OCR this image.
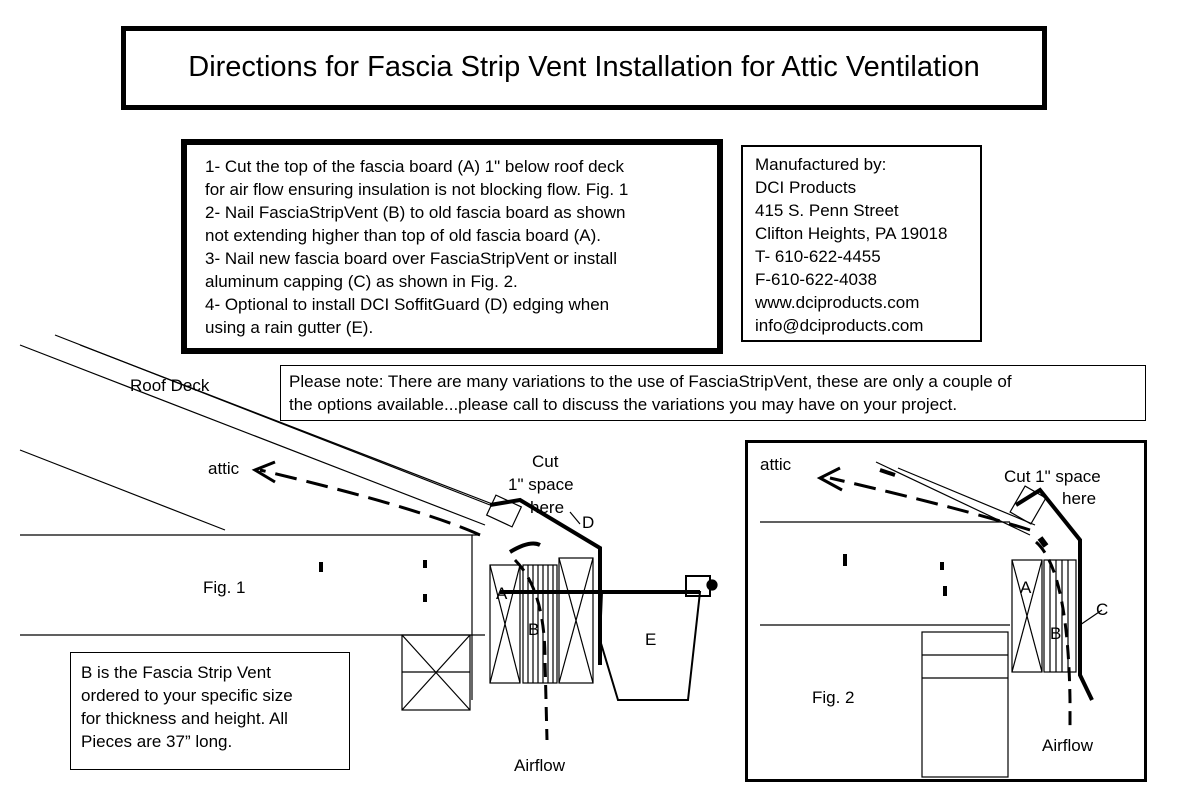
Directions for Fascia Strip Vent Installation for Attic Ventilation
1- Cut the top of the fascia board (A) 1" below roof deck
for air flow ensuring insulation is not blocking flow. Fig. 1
2- Nail FasciaStripVent (B) to old fascia board as shown
not extending higher than top of old fascia board (A).
3- Nail new fascia board over FasciaStripVent or install
aluminum capping (C) as shown in Fig. 2.
4- Optional to install DCI SoffitGuard (D) edging when
using a rain gutter (E).
Manufactured by:
DCI Products
415 S. Penn Street
Clifton Heights, PA 19018
T- 610-622-4455
F-610-622-4038
www.dciproducts.com
info@dciproducts.com
Please note: There are many variations to the use of FasciaStripVent, these are only a couple of
the options available...please call to discuss the variations you may have on your project.
Roof Deck
attic	Cut
1" space
here
D
Fig. 1	A
B
E
Airflow
B is the Fascia Strip Vent
ordered to your specific size
for thickness and height. All
Pieces are 37” long.
attic
Cut 1" space
here
A
C
B
Fig. 2
Airflow
